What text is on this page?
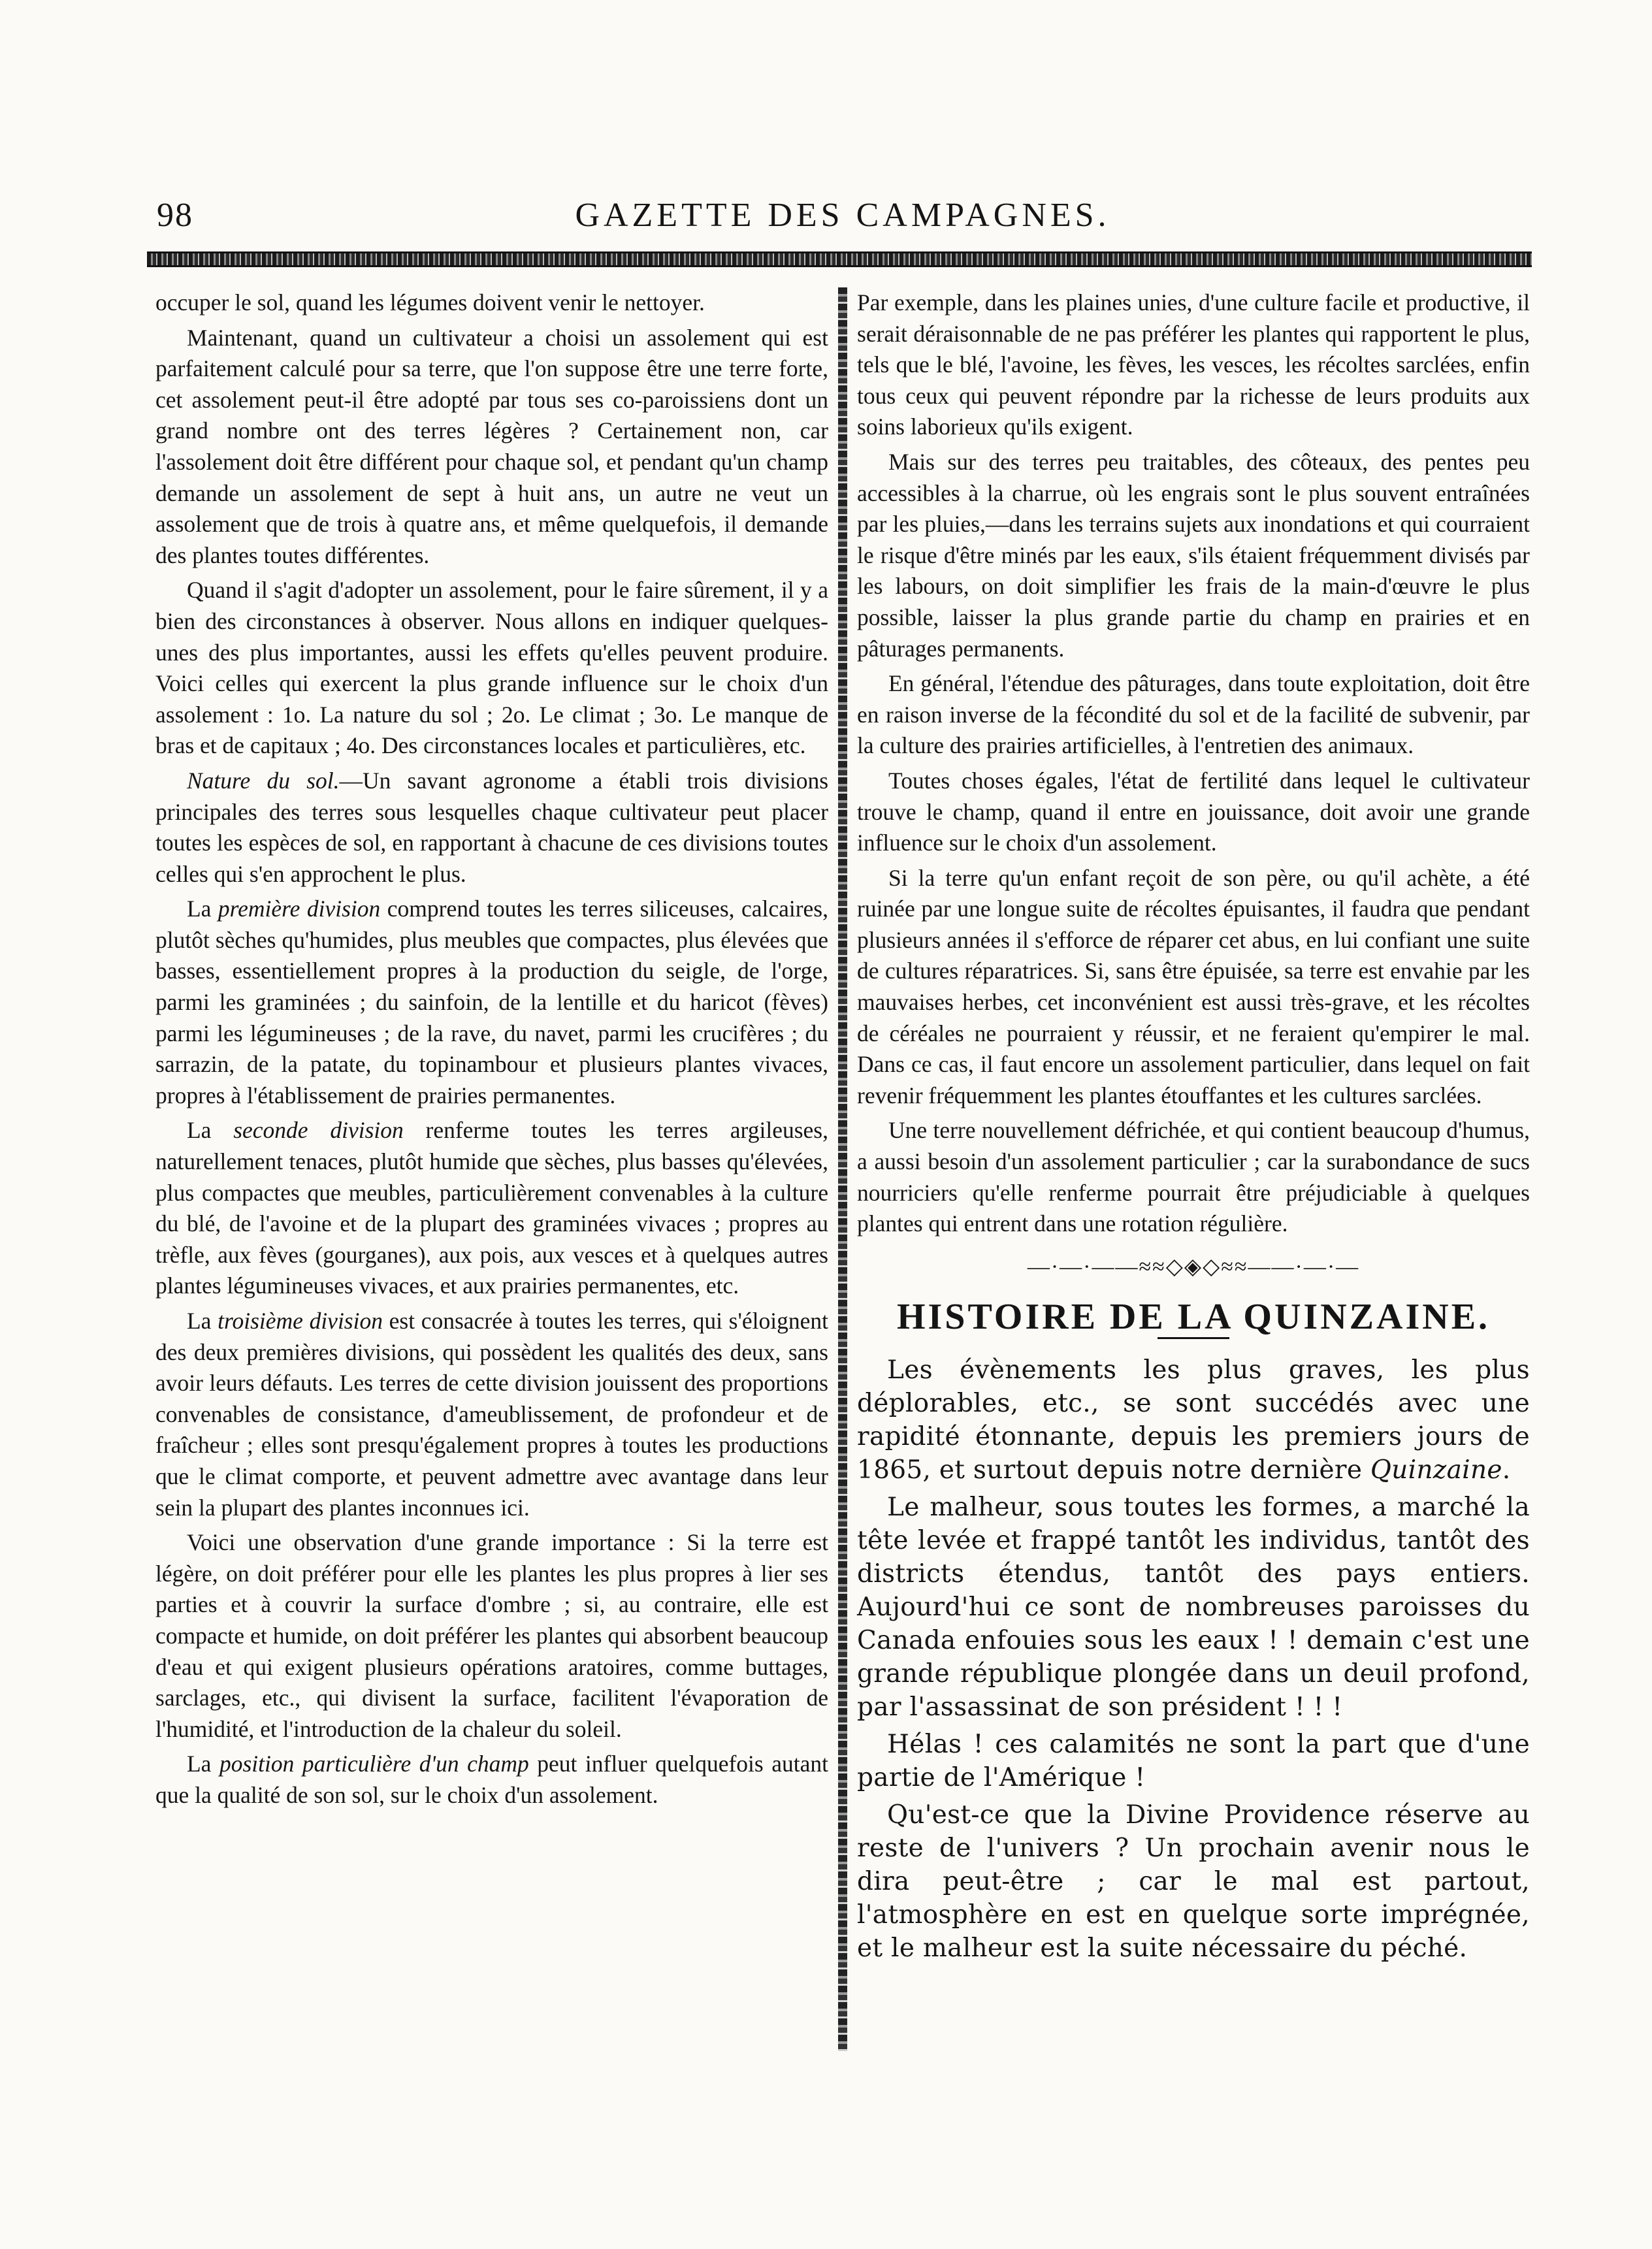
98	GAZETTE DES CAMPAGNES.

occuper le sol, quand les légumes doivent venir le nettoyer.

Maintenant, quand un cultivateur a choisi un assolement qui est parfaitement calculé pour sa terre, que l'on suppose être une terre forte, cet assolement peut-il être adopté par tous ses co-paroissiens dont un grand nombre ont des terres légères ? Certainement non, car l'assolement doit être différent pour chaque sol, et pendant qu'un champ demande un assolement de sept à huit ans, un autre ne veut un assolement que de trois à quatre ans, et même quelquefois, il demande des plantes toutes différentes.

Quand il s'agit d'adopter un assolement, pour le faire sûrement, il y a bien des circonstances à observer. Nous allons en indiquer quelques-unes des plus importantes, aussi les effets qu'elles peuvent produire. Voici celles qui exercent la plus grande influence sur le choix d'un assolement : 1o. La nature du sol ; 2o. Le climat ; 3o. Le manque de bras et de capitaux ; 4o. Des circonstances locales et particulières, etc.

Nature du sol.—Un savant agronome a établi trois divisions principales des terres sous lesquelles chaque cultivateur peut placer toutes les espèces de sol, en rapportant à chacune de ces divisions toutes celles qui s'en approchent le plus.

La première division comprend toutes les terres siliceuses, calcaires, plutôt sèches qu'humides, plus meubles que compactes, plus élevées que basses, essentiellement propres à la production du seigle, de l'orge, parmi les graminées ; du sainfoin, de la lentille et du haricot (fèves) parmi les légumineuses ; de la rave, du navet, parmi les crucifères ; du sarrazin, de la patate, du topinambour et plusieurs plantes vivaces, propres à l'établissement de prairies permanentes.

La seconde division renferme toutes les terres argileuses, naturellement tenaces, plutôt humide que sèches, plus basses qu'élevées, plus compactes que meubles, particulièrement convenables à la culture du blé, de l'avoine et de la plupart des graminées vivaces ; propres au trèfle, aux fèves (gourganes), aux pois, aux vesces et à quelques autres plantes légumineuses vivaces, et aux prairies permanentes, etc.

La troisième division est consacrée à toutes les terres, qui s'éloignent des deux premières divisions, qui possèdent les qualités des deux, sans avoir leurs défauts. Les terres de cette division jouissent des proportions convenables de consistance, d'ameublissement, de profondeur et de fraîcheur ; elles sont presqu'également propres à toutes les productions que le climat comporte, et peuvent admettre avec avantage dans leur sein la plupart des plantes inconnues ici.

Voici une observation d'une grande importance : Si la terre est légère, on doit préférer pour elle les plantes les plus propres à lier ses parties et à couvrir la surface d'ombre ; si, au contraire, elle est compacte et humide, on doit préférer les plantes qui absorbent beaucoup d'eau et qui exigent plusieurs opérations aratoires, comme buttages, sarclages, etc., qui divisent la surface, facilitent l'évaporation de l'humidité, et l'introduction de la chaleur du soleil.

La position particulière d'un champ peut influer quelquefois autant que la qualité de son sol, sur le choix d'un assolement.

Par exemple, dans les plaines unies, d'une culture facile et productive, il serait déraisonnable de ne pas préférer les plantes qui rapportent le plus, tels que le blé, l'avoine, les fèves, les vesces, les récoltes sarclées, enfin tous ceux qui peuvent répondre par la richesse de leurs produits aux soins laborieux qu'ils exigent.

Mais sur des terres peu traitables, des côteaux, des pentes peu accessibles à la charrue, où les engrais sont le plus souvent entraînées par les pluies,—dans les terrains sujets aux inondations et qui courraient le risque d'être minés par les eaux, s'ils étaient fréquemment divisés par les labours, on doit simplifier les frais de la main-d'œuvre le plus possible, laisser la plus grande partie du champ en prairies et en pâturages permanents.

En général, l'étendue des pâturages, dans toute exploitation, doit être en raison inverse de la fécondité du sol et de la facilité de subvenir, par la culture des prairies artificielles, à l'entretien des animaux.

Toutes choses égales, l'état de fertilité dans lequel le cultivateur trouve le champ, quand il entre en jouissance, doit avoir une grande influence sur le choix d'un assolement.

Si la terre qu'un enfant reçoit de son père, ou qu'il achète, a été ruinée par une longue suite de récoltes épuisantes, il faudra que pendant plusieurs années il s'efforce de réparer cet abus, en lui confiant une suite de cultures réparatrices. Si, sans être épuisée, sa terre est envahie par les mauvaises herbes, cet inconvénient est aussi très-grave, et les récoltes de céréales ne pourraient y réussir, et ne feraient qu'empirer le mal. Dans ce cas, il faut encore un assolement particulier, dans lequel on fait revenir fréquemment les plantes étouffantes et les cultures sarclées.

Une terre nouvellement défrichée, et qui contient beaucoup d'humus, a aussi besoin d'un assolement particulier ; car la surabondance de sucs nourriciers qu'elle renferme pourrait être préjudiciable à quelques plantes qui entrent dans une rotation régulière.

—·—·——≈≈◇◈◇≈≈——·—·—
HISTOIRE DE LA QUINZAINE.

Les évènements les plus graves, les plus déplorables, etc., se sont succédés avec une rapidité étonnante, depuis les premiers jours de 1865, et surtout depuis notre dernière Quinzaine.

Le malheur, sous toutes les formes, a marché la tête levée et frappé tantôt les individus, tantôt des districts étendus, tantôt des pays entiers. Aujourd'hui ce sont de nombreuses paroisses du Canada enfouies sous les eaux ! ! demain c'est une grande république plongée dans un deuil profond, par l'assassinat de son président ! ! !

Hélas ! ces calamités ne sont la part que d'une partie de l'Amérique !

Qu'est-ce que la Divine Providence réserve au reste de l'univers ? Un prochain avenir nous le dira peut-être ; car le mal est partout, l'atmosphère en est en quelque sorte imprégnée, et le malheur est la suite nécessaire du péché.
